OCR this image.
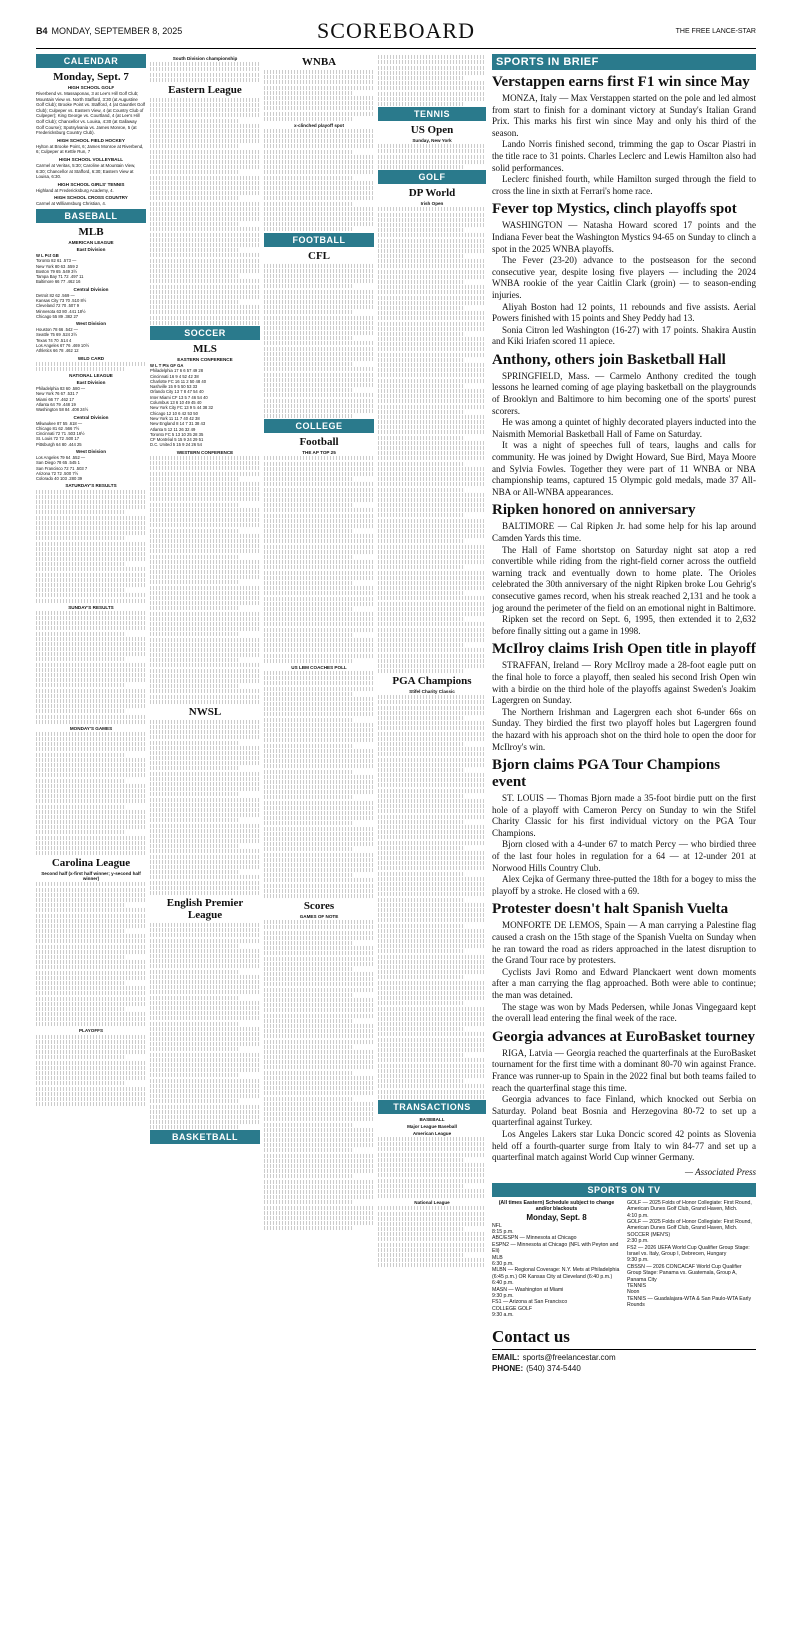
B4 MONDAY, SEPTEMBER 8, 2025	SCOREBOARD	THE FREE LANCE-STAR
CALENDAR
Monday, Sept. 7
HIGH SCHOOL GOLF

Riverbend vs. Massaponax, 3 at Lee's Hill Golf Club; Mountain View vs. North Stafford, 3:30 (at Augustine Golf Club); Brooke Point vs. Stafford, 4 (at Gauntlet Golf Club); Culpeper vs. Eastern View, 4 (at Country Club of Culpeper); King George vs. Courtland, 4 (at Lee's Hill Golf Club); Chancellor vs. Louisa, 4:30 (at Gallaway Golf Course); Spotsylvania vs. James Monroe, 5 (at Fredericksburg Country Club).

HIGH SCHOOL FIELD HOCKEY

Hylton at Brooke Point, 6; James Monroe at Riverbend, 6; Culpeper at Kettle Run, 7

HIGH SCHOOL VOLLEYBALL

Carmel at Veritas, 5:30; Caroline at Mountain View, 6:30; Chancellor at Stafford, 6:30; Eastern View at Louisa, 6:30.

HIGH SCHOOL GIRLS' TENNIS

Highland at Fredericksburg Academy, 4.

HIGH SCHOOL CROSS COUNTRY

Carmel at Williamsburg Christian, 4.

BASEBALL
MLB
AMERICAN LEAGUE
East Division
W L Pct GB
Toronto 82 61 .573 —
New York 80 63 .559 2
Boston 79 65 .549 3½
Tampa Bay 71 72 .497 11
Baltimore 66 77 .462 16
Central Division
Detroit 82 62 .569 —
Kansas City 73 70 .510 8½
Cleveland 72 70 .507 9
Minnesota 63 80 .441 18½
Chicago 55 89 .382 27
West Division
Houston 78 66 .542 —
Seattle 75 69 .524 2½
Texas 74 70 .514 4
Los Angeles 67 76 .469 10½
Athletics 66 78 .462 12
WILD CARD
NATIONAL LEAGUE
East Division
Philadelphia 83 60 .580 —
New York 76 67 .531 7
Miami 66 77 .462 17
Atlanta 64 79 .448 19
Washington 58 84 .408 24½
Central Division
Milwaukee 87 55 .618 —
Chicago 81 62 .566 7½
Cincinnati 72 71 .503 16½
St. Louis 72 72 .500 17
Pittsburgh 64 80 .444 25
West Division
Los Angeles 79 64 .552 —
San Diego 78 65 .545 1
San Francisco 72 71 .503 7
Arizona 72 72 .500 7½
Colorado 40 103 .280 39
SATURDAY'S RESULTS
SUNDAY'S RESULTS
MONDAY'S GAMES
Carolina League
Second half (x-first half winner; y-second half winner)
PLAYOFFS
South Division championship
Eastern League
SOCCER
MLS
EASTERN CONFERENCE
W L T Pts GF GA
Philadelphia 17 6 6 57 49 28
Cincinnati 16 9 4 52 42 38
Charlotte FC 16 11 2 50 48 40
Nashville 15 9 5 50 53 33
Orlando City 13 7 8 47 54 40
Inter Miami CF 13 5 7 46 54 40
Columbus 13 6 10 49 45 40
New York City FC 13 9 5 44 38 32
Chicago 12 10 6 42 53 50
New York 11 11 7 40 42 38
New England 8 14 7 31 38 43
Atlanta 5 12 11 26 32 49
Toronto FC 5 13 10 25 28 35
CF Montréal 5 15 9 24 29 51
D.C. United 5 15 9 24 26 54
WESTERN CONFERENCE
NWSL
English Premier League
BASKETBALL
WNBA
x-clinched playoff spot
FOOTBALL
CFL
COLLEGE
Football
THE AP TOP 25
US LBM COACHES POLL
Scores
GAMES OF NOTE
TENNIS
US Open
Sunday, New York
GOLF
DP World
Irish Open
PGA Champions
Stifel Charity Classic
TRANSACTIONS
BASEBALL
Major League Baseball
American League
National League
SPORTS IN BRIEF
Verstappen earns first F1 win since May

MONZA, Italy — Max Verstappen started on the pole and led almost from start to finish for a dominant victory at Sunday's Italian Grand Prix. This marks his first win since May and only his third of the season.

Lando Norris finished second, trimming the gap to Oscar Piastri in the title race to 31 points. Charles Leclerc and Lewis Hamilton also had solid performances.

Leclerc finished fourth, while Hamilton surged through the field to cross the line in sixth at Ferrari's home race.

Fever top Mystics, clinch playoffs spot

WASHINGTON — Natasha Howard scored 17 points and the Indiana Fever beat the Washington Mystics 94-65 on Sunday to clinch a spot in the 2025 WNBA playoffs.

The Fever (23-20) advance to the postseason for the second consecutive year, despite losing five players — including the 2024 WNBA rookie of the year Caitlin Clark (groin) — to season-ending injuries.

Aliyah Boston had 12 points, 11 rebounds and five assists. Aerial Powers finished with 15 points and Shey Peddy had 13.

Sonia Citron led Washington (16-27) with 17 points. Shakira Austin and Kiki Iriafen scored 11 apiece.

Anthony, others join Basketball Hall

SPRINGFIELD, Mass. — Carmelo Anthony credited the tough lessons he learned coming of age playing basketball on the playgrounds of Brooklyn and Baltimore to him becoming one of the sports' purest scorers.

He was among a quintet of highly decorated players inducted into the Naismith Memorial Basketball Hall of Fame on Saturday.

It was a night of speeches full of tears, laughs and calls for community. He was joined by Dwight Howard, Sue Bird, Maya Moore and Sylvia Fowles. Together they were part of 11 WNBA or NBA championship teams, captured 15 Olympic gold medals, made 37 All-NBA or All-WNBA appearances.

Ripken honored on anniversary

BALTIMORE — Cal Ripken Jr. had some help for his lap around Camden Yards this time.

The Hall of Fame shortstop on Saturday night sat atop a red convertible while riding from the right-field corner across the outfield warning track and eventually down to home plate. The Orioles celebrated the 30th anniversary of the night Ripken broke Lou Gehrig's consecutive games record, when his streak reached 2,131 and he took a jog around the perimeter of the field on an emotional night in Baltimore.

Ripken set the record on Sept. 6, 1995, then extended it to 2,632 before finally sitting out a game in 1998.

McIlroy claims Irish Open title in playoff

STRAFFAN, Ireland — Rory McIlroy made a 28-foot eagle putt on the final hole to force a playoff, then sealed his second Irish Open win with a birdie on the third hole of the playoffs against Sweden's Joakim Lagergren on Sunday.

The Northern Irishman and Lagergren each shot 6-under 66s on Sunday. They birdied the first two playoff holes but Lagergren found the hazard with his approach shot on the third hole to open the door for McIlroy's win.

Bjorn claims PGA Tour Champions event

ST. LOUIS — Thomas Bjorn made a 35-foot birdie putt on the first hole of a playoff with Cameron Percy on Sunday to win the Stifel Charity Classic for his first individual victory on the PGA Tour Champions.

Bjorn closed with a 4-under 67 to match Percy — who birdied three of the last four holes in regulation for a 64 — at 12-under 201 at Norwood Hills Country Club.

Alex Cejka of Germany three-putted the 18th for a bogey to miss the playoff by a stroke. He closed with a 69.

Protester doesn't halt Spanish Vuelta

MONFORTE DE LEMOS, Spain — A man carrying a Palestine flag caused a crash on the 15th stage of the Spanish Vuelta on Sunday when he ran toward the road as riders approached in the latest disruption to the Grand Tour race by protesters.

Cyclists Javi Romo and Edward Planckaert went down moments after a man carrying the flag approached. Both were able to continue; the man was detained.

The stage was won by Mads Pedersen, while Jonas Vingegaard kept the overall lead entering the final week of the race.

Georgia advances at EuroBasket tourney

RIGA, Latvia — Georgia reached the quarterfinals at the EuroBasket tournament for the first time with a dominant 80-70 win against France. France was runner-up to Spain in the 2022 final but both teams failed to reach the quarterfinal stage this time.

Georgia advances to face Finland, which knocked out Serbia on Saturday. Poland beat Bosnia and Herzegovina 80-72 to set up a quarterfinal against Turkey.

Los Angeles Lakers star Luka Doncic scored 42 points as Slovenia held off a fourth-quarter surge from Italy to win 84-77 and set up a quarterfinal match against World Cup winner Germany.

— Associated Press
SPORTS ON TV
(All times Eastern) Schedule subject to change and/or blackouts
Monday, Sept. 8
NFL
8:15 p.m.
ABC/ESPN — Minnesota at Chicago
ESPN2 — Minnesota at Chicago (NFL with Peyton and Eli)
MLB
6:30 p.m.
MLBN — Regional Coverage: N.Y. Mets at Philadelphia (6:45 p.m.) OR Kansas City at Cleveland (6:40 p.m.)
6:40 p.m.
MASN — Washington at Miami
9:30 p.m.
FS1 — Arizona at San Francisco
COLLEGE GOLF
9:30 a.m.
GOLF — 2025 Folds of Honor Collegiate: First Round, American Dunes Golf Club, Grand Haven, Mich.
4:10 p.m.
GOLF — 2025 Folds of Honor Collegiate: First Round, American Dunes Golf Club, Grand Haven, Mich.
SOCCER (MEN'S)
2:30 p.m.
FS2 — 2026 UEFA World Cup Qualifier Group Stage: Israel vs. Italy, Group I, Debrecen, Hungary
9:30 p.m.
CBSSN — 2026 CONCACAF World Cup Qualifier Group Stage: Panama vs. Guatemala, Group A, Panama City
TENNIS
Noon
TENNIS — Guadalajara-WTA & San Paulo-WTA Early Rounds
Contact us
EMAIL: sports@freelancestar.com
PHONE: (540) 374-5440
